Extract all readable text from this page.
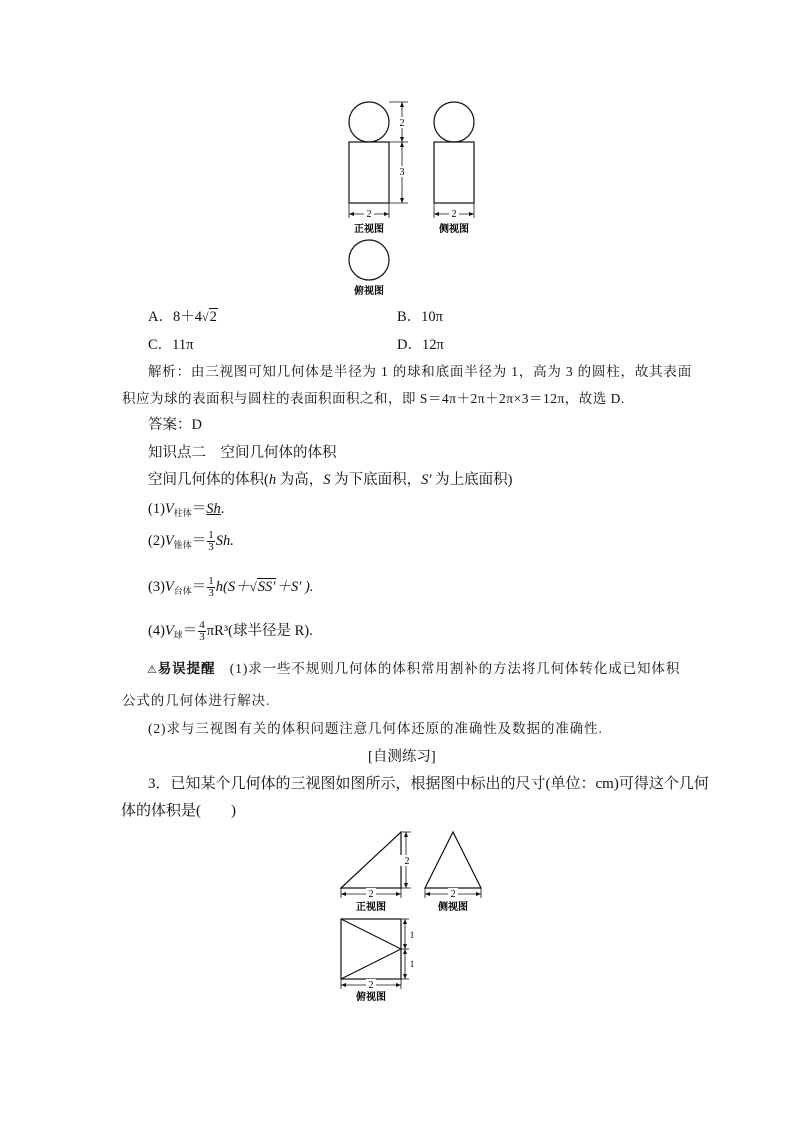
2
3
2	2
正视图	侧视图
俯视图
A．8＋4√2	B．10π
C．11π	D．12π
解析：由三视图可知几何体是半径为 1 的球和底面半径为 1，高为 3 的圆柱，故其表面
积应为球的表面积与圆柱的表面积面积之和，即 S＝4π＋2π＋2π×3＝12π，故选 D.
答案：D
知识点二　空间几何体的体积
空间几何体的体积(h 为高，S 为下底面积，S′ 为上底面积)
$(1)V_{柱体}=Sh$.
$(2)V_{锥体}= \frac{1}{3} Sh$.
$(3)V_{台体}= \frac{1}{3} h(S+√SS'+S'$ ).
$(4)V_球= \frac{4}{3} \pi R^3$(球半径是 R).
⚠易误提醒　 (1)求一些不规则几何体的体积常用割补的方法将几何体转化成已知体积
公式的几何体进行解决.
(2)求与三视图有关的体积问题注意几何体还原的准确性及数据的准确性.
[自测练习]
3．已知某个几何体的三视图如图所示，根据图中标出的尺寸(单位：cm)可得这个几何
体的体积是(　　)
2
2	2
1
1
2
正视图	侧视图
俯视图
